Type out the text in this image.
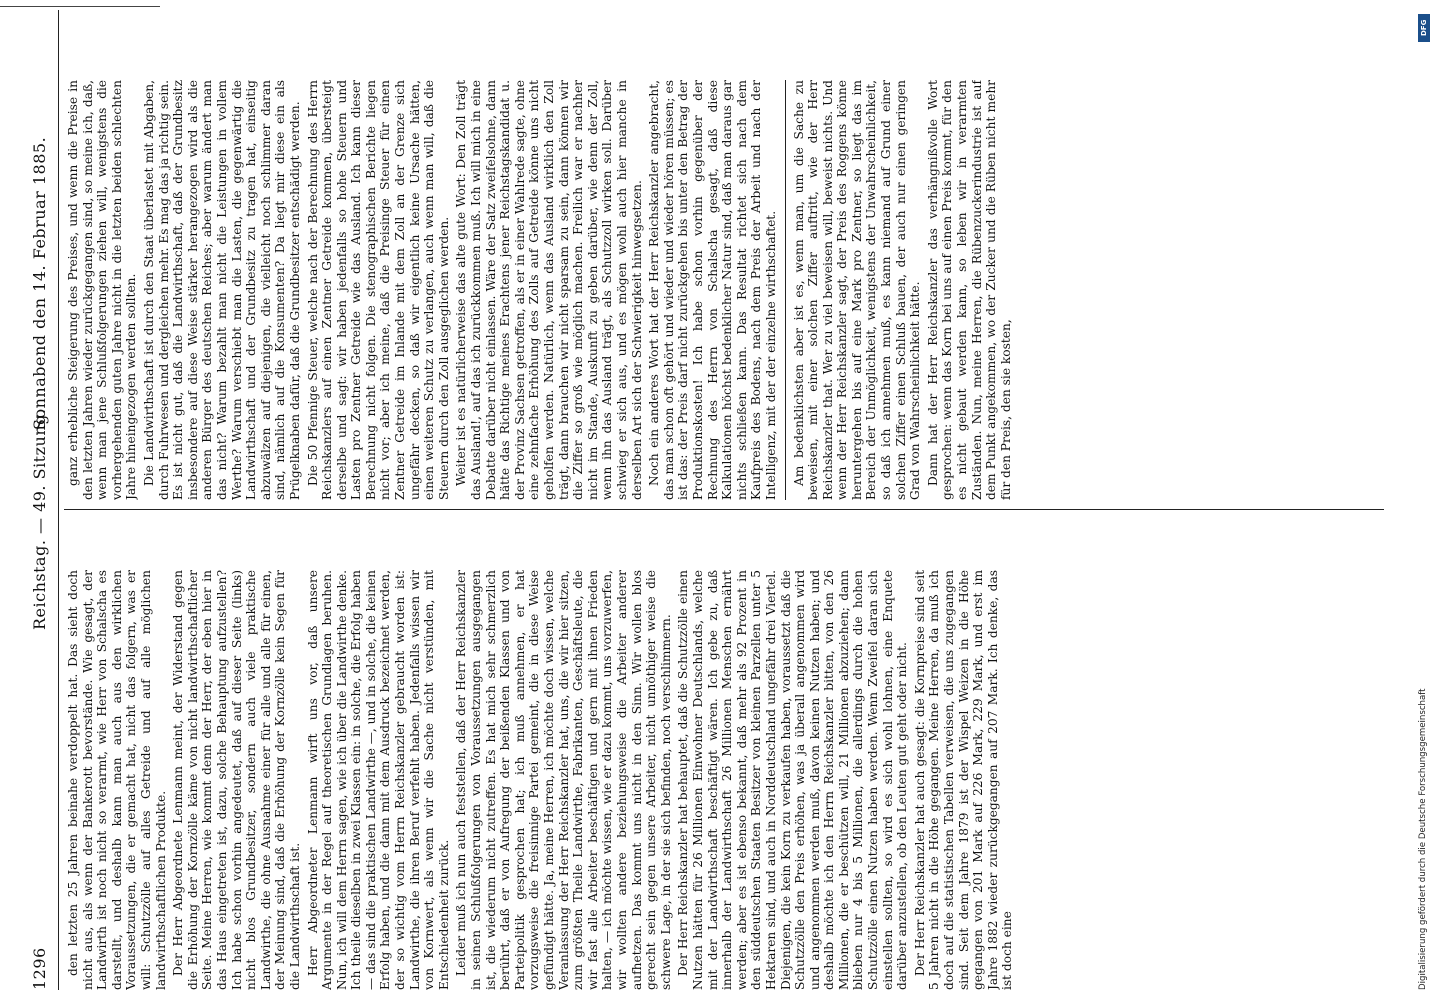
1296
Reichstag. — 49. Sitzung.
Sonnabend den 14. Februar 1885.

den letzten 25 Jahren beinahe verdoppelt hat. Das sieht doch nicht aus, als wenn der Bankerott bevorstände. Wie gesagt, der Landwirth ist noch nicht so verarmt, wie Herr von Schalscha es darstellt, und deshalb kann man auch aus den wirklichen Voraussetzungen, die er gemacht hat, nicht das folgern, was er will: Schutzzölle auf alles Getreide und auf alle möglichen landwirthschaftlichen Produkte. Der Herr Abgeordnete Lenmann meint, der Widerstand gegen die Erhöhung der Kornzölle käme von nicht landwirthschaftlicher Seite. Meine Herren, wie kommt denn der Herr, der eben hier in das Haus eingetreten ist, dazu, solche Behauptung aufzustellen? Ich habe schon vorhin angedeutet, daß auf dieser Seite (links) nicht blos Grundbesitzer, sondern auch viele praktische Landwirthe, die ohne Ausnahme einer für alle und alle für einen, der Meinung sind, daß die Erhöhung der Kornzölle kein Segen für die Landwirthschaft ist. Herr Abgeordneter Lenmann wirft uns vor, daß unsere Argumente in der Regel auf theoretischen Grundlagen beruhen. Nun, ich will dem Herrn sagen, wie ich über die Landwirthe denke. Ich theile dieselben in zwei Klassen ein: in solche, die Erfolg haben — das sind die praktischen Landwirthe —, und in solche, die keinen Erfolg haben, und die dann mit dem Ausdruck bezeichnet werden, der so wichtig vom Herrn Reichskanzler gebraucht worden ist: Landwirthe, die ihren Beruf verfehlt haben. Jedenfalls wissen wir von Kornwert, als wenn wir die Sache nicht verstünden, mit Entschiedenheit zurück. Leider muß ich nun auch feststellen, daß der Herr Reichskanzler in seinen Schlußfolgerungen von Voraussetzungen ausgegangen ist, die wiederum nicht zutreffen. Es hat mich sehr schmerzlich berührt, daß er von Aufregung der beißenden Klassen und von Parteipolitik gesprochen hat; ich muß annehmen, er hat vorzugsweise die freisinnige Partei gemeint, die in diese Weise gefündigt hätte. Ja, meine Herren, ich möchte doch wissen, welche Veranlassung der Herr Reichskanzler hat, uns, die wir hier sitzen, zum größten Theile Landwirthe, Fabrikanten, Geschäftsleute, die wir fast alle Arbeiter beschäftigen und gern mit ihnen Frieden halten, — ich möchte wissen, wie er dazu kommt, uns vorzuwerfen, wir wollten andere beziehungsweise die Arbeiter anderer aufhetzen. Das kommt uns nicht in den Sinn. Wir wollen blos gerecht sein gegen unsere Arbeiter, nicht unnöthiger weise die schwere Lage, in der sie sich befinden, noch verschlimmern. Der Herr Reichskanzler hat behauptet, daß die Schutzzölle einen Nutzen hätten für 26 Millionen Einwohner Deutschlands, welche mit der Landwirthschaft beschäftigt wären. Ich gebe zu, daß innerhalb der Landwirthschaft 26 Millionen Menschen ernährt werden; aber es ist ebenso bekannt, daß mehr als 92 Prozent in den süddeutschen Staaten Besitzer von kleinen Parzellen unter 5 Hektaren sind, und auch in Norddeutschland ungefähr drei Viertel. Diejenigen, die kein Korn zu verkaufen haben, voraussetzt daß die Schutzzölle den Preis erhöhen, was ja überall angenommen wird und angenommen werden muß, davon keinen Nutzen haben; und deshalb möchte ich den Herrn Reichskanzler bitten, von den 26 Millionen, die er beschützen will, 21 Millionen abzuziehen; dann blieben nur 4 bis 5 Millionen, die allerdings durch die hohen Schutzzölle einen Nutzen haben werden. Wenn Zweifel daran sich einstellen sollten, so wird es sich wohl lohnen, eine Enquete darüber anzustellen, ob den Leuten gut geht oder nicht. Der Herr Reichskanzler hat auch gesagt: die Kornpreise sind seit 5 Jahren nicht in die Höhe gegangen. Meine Herren, da muß ich doch auf die statistischen Tabellen verweisen, die uns zugegangen sind. Seit dem Jahre 1879 ist der Wispel Weizen in die Höhe gegangen von 201 Mark auf 226 Mark, 229 Mark, und erst im Jahre 1882 wieder zurückgegangen auf 207 Mark. Ich denke, das ist doch eine

ganz erhebliche Steigerung des Preises, und wenn die Preise in den letzten Jahren wieder zurückgegangen sind, so meine ich, daß, wenn man jene Schlußfolgerungen ziehen will, wenigstens die vorhergehenden guten Jahre nicht in die letzten beiden schlechten Jahre hineingezogen werden sollten. Die Landwirthschaft ist durch den Staat überlastet mit Abgaben, durch Fuhrwesen und dergleichen mehr. Es mag das ja richtig sein. Es ist nicht gut, daß die Landwirthschaft, daß der Grundbesitz insbesondere auf diese Weise stärker herangezogen wird als die anderen Bürger des deutschen Reiches; aber warum ändert man das nicht? Warum bezahlt man nicht die Leistungen in vollem Werthe? Warum verschiebt man die Lasten, die gegenwärtig die Landwirthschaft und der Grundbesitz zu tragen hat, einseitig abzuwälzen auf diejenigen, die vielleicht noch schlimmer daran sind, nämlich auf die Konsumenten? Da liegt mir diese ein als Prügelknaben dafür, daß die Grundbesitzer entschädigt werden. Die 50 Pfennige Steuer, welche nach der Berechnung des Herrn Reichskanzlers auf einen Zentner Getreide kommen, übersteigt derselbe und sagt: wir haben jedenfalls so hohe Steuern und Lasten pro Zentner Getreide wie das Ausland. Ich kann dieser Berechnung nicht folgen. Die stenographischen Berichte liegen nicht vor; aber ich meine, daß die Preisinge Steuer für einen Zentner Getreide im Inlande mit dem Zoll an der Grenze sich ungefähr decken, so daß wir eigentlich keine Ursache hätten, einen weiteren Schutz zu verlangen, auch wenn man will, daß die Steuern durch den Zoll ausgeglichen werden. Weiter ist es natürlicherweise das alte gute Wort: Den Zoll trägt das Ausland!, auf das ich zurückkommen muß. Ich will mich in eine Debatte darüber nicht einlassen. Wäre der Satz zweifelsohne, dann hätte das Richtige meines Erachtens jener Reichstagskandidat u. der Provinz Sachsen getroffen, als er in einer Wahlrede sagte, ohne eine zehnfache Erhöhung des Zolls auf Getreide könne uns nicht geholfen werden. Natürlich, wenn das Ausland wirklich den Zoll trägt, dann brauchen wir nicht sparsam zu sein, dann können wir die Ziffer so groß wie möglich machen. Freilich war er nachher nicht im Stande, Auskunft zu geben darüber, wie denn der Zoll, wenn ihn das Ausland trägt, als Schutzzoll wirken soll. Darüber schwieg er sich aus, und es mögen wohl auch hier manche in derselben Art sich der Schwierigkeit hinwegsetzen. Noch ein anderes Wort hat der Herr Reichskanzler angebracht, das man schon oft gehört und wieder und wieder hören müssen; es ist das: der Preis darf nicht zurückgehen bis unter den Betrag der Produktionskosten! Ich habe schon vorhin gegenüber der Rechnung des Herrn von Schalscha gesagt, daß diese Kalkulationen höchst bedenklicher Natur sind, daß man daraus gar nichts schließen kann. Das Resultat richtet sich nach dem Kaufpreis des Bodens, nach dem Preis der Arbeit und nach der Intelligenz, mit der der einzelne wirthschaftet. Am bedenklichsten aber ist es, wenn man, um die Sache zu beweisen, mit einer solchen Ziffer auftritt, wie der Herr Reichskanzler that. Wer zu viel beweisen will, beweist nichts. Und wenn der Herr Reichskanzler sagt, der Preis des Roggens könne heruntergehen bis auf eine Mark pro Zentner, so liegt das im Bereich der Unmöglichkeit, wenigstens der Unwahrscheinlichkeit, so daß ich annehmen muß, es kann niemand auf Grund einer solchen Ziffer einen Schluß bauen, der auch nur einen geringen Grad von Wahrscheinlichkeit hätte. Dann hat der Herr Reichskanzler das verhängnißvolle Wort gesprochen: wenn das Korn bei uns auf einen Preis kommt, für den es nicht gebaut werden kann, so leben wir in verarmten Zuständen. Nun, meine Herren, die Rübenzuckerindustrie ist auf dem Punkt angekommen, wo der Zucker und die Rüben nicht mehr für den Preis, den sie kosten,

DFG
Digitalisierung gefördert durch die Deutsche Forschungsgemeinschaft
